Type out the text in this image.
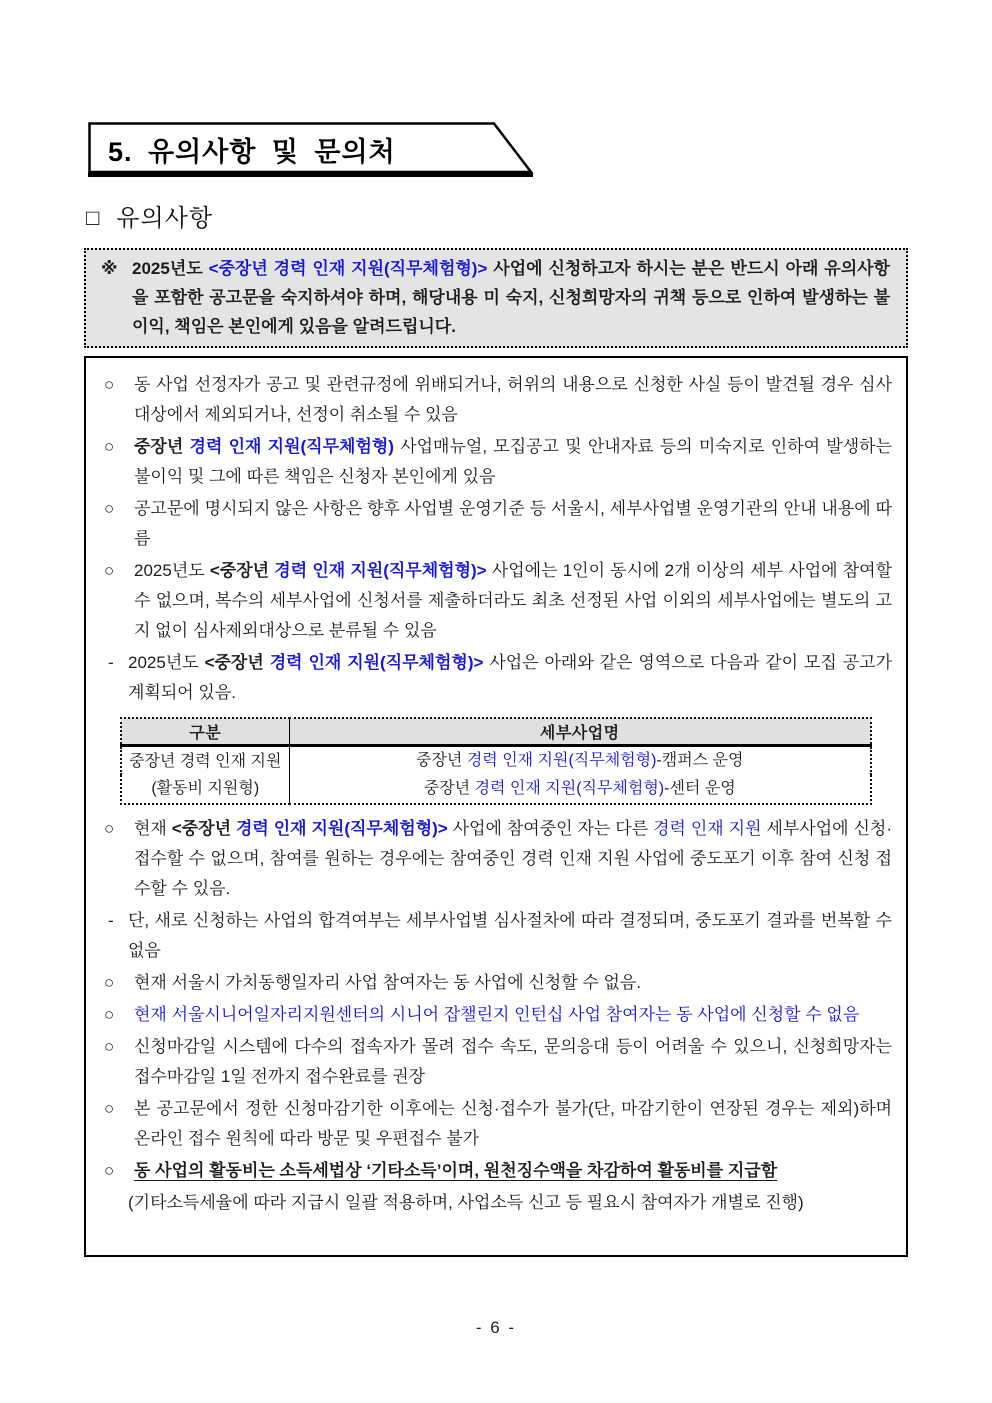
5. 유의사항 및 문의처
□ 유의사항
※ 2025년도 <중장년 경력 인재 지원(직무체험형)> 사업에 신청하고자 하시는 분은 반드시 아래 유의사항을 포함한 공고문을 숙지하셔야 하며, 해당내용 미 숙지, 신청희망자의 귀책 등으로 인하여 발생하는 불이익, 책임은 본인에게 있음을 알려드립니다.
○ 동 사업 선정자가 공고 및 관련규정에 위배되거나, 허위의 내용으로 신청한 사실 등이 발견될 경우 심사대상에서 제외되거나, 선정이 취소될 수 있음
○ 중장년 경력 인재 지원(직무체험형) 사업매뉴얼, 모집공고 및 안내자료 등의 미숙지로 인하여 발생하는 불이익 및 그에 따른 책임은 신청자 본인에게 있음
○ 공고문에 명시되지 않은 사항은 향후 사업별 운영기준 등 서울시, 세부사업별 운영기관의 안내 내용에 따름
○ 2025년도 <중장년 경력 인재 지원(직무체험형)> 사업에는 1인이 동시에 2개 이상의 세부 사업에 참여할 수 없으며, 복수의 세부사업에 신청서를 제출하더라도 최초 선정된 사업 이외의 세부사업에는 별도의 고지 없이 심사제외대상으로 분류될 수 있음
- 2025년도 <중장년 경력 인재 지원(직무체험형)> 사업은 아래와 같은 영역으로 다음과 같이 모집 공고가 계획되어 있음.
구분	세부사업명

중장년 경력 인재 지원
(활동비 지원형)	중장년 경력 인재 지원(직무체험형)-캠퍼스 운영
	중장년 경력 인재 지원(직무체험형)-센터 운영
○ 현재 <중장년 경력 인재 지원(직무체험형)> 사업에 참여중인 자는 다른 경력 인재 지원 세부사업에 신청·접수할 수 없으며, 참여를 원하는 경우에는 참여중인 경력 인재 지원 사업에 중도포기 이후 참여 신청 접수할 수 있음.
- 단, 새로 신청하는 사업의 합격여부는 세부사업별 심사절차에 따라 결정되며, 중도포기 결과를 번복할 수 없음
○ 현재 서울시 가치동행일자리 사업 참여자는 동 사업에 신청할 수 없음.
○ 현재 서울시니어일자리지원센터의 시니어 잡챌린지 인턴십 사업 참여자는 동 사업에 신청할 수 없음
○ 신청마감일 시스템에 다수의 접속자가 몰려 접수 속도, 문의응대 등이 어려울 수 있으니, 신청희망자는 접수마감일 1일 전까지 접수완료를 권장
○ 본 공고문에서 정한 신청마감기한 이후에는 신청·접수가 불가(단, 마감기한이 연장된 경우는 제외)하며 온라인 접수 원칙에 따라 방문 및 우편접수 불가
○ 동 사업의 활동비는 소득세법상 ‘기타소득’이며, 원천징수액을 차감하여 활동비를 지급함
(기타소득세율에 따라 지급시 일괄 적용하며, 사업소득 신고 등 필요시 참여자가 개별로 진행)
- 6 -
